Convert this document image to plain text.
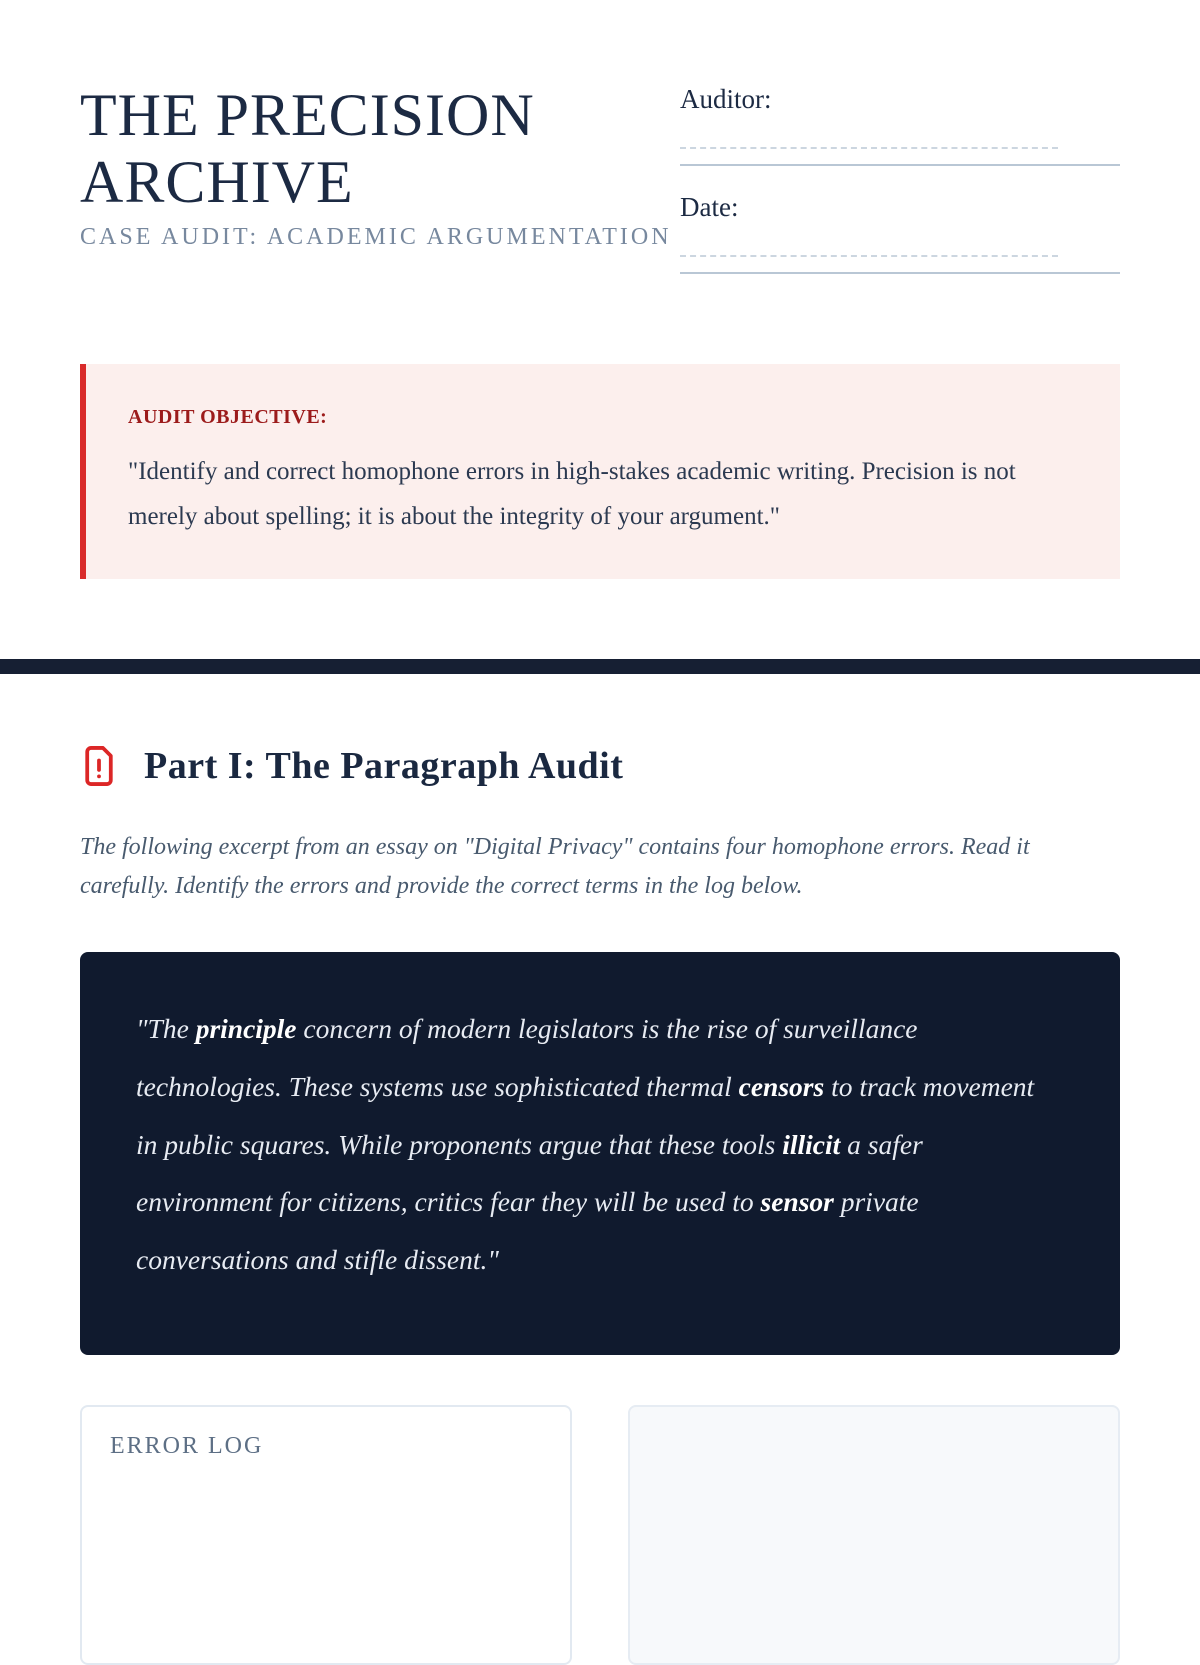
THE PRECISION
ARCHIVE
CASE AUDIT: ACADEMIC ARGUMENTATION
Auditor:
Date:
AUDIT OBJECTIVE:

"Identify and correct homophone errors in high-stakes academic writing. Precision is not merely about spelling; it is about the integrity of your argument."

Part I: The Paragraph Audit

The following excerpt from an essay on "Digital Privacy" contains four homophone errors. Read it carefully. Identify the errors and provide the correct terms in the log below.

"The principle concern of modern legislators is the rise of surveillance technologies. These systems use sophisticated thermal censors to track movement in public squares. While proponents argue that these tools illicit a safer environment for citizens, critics fear they will be used to sensor private conversations and stifle dissent."

ERROR LOG
